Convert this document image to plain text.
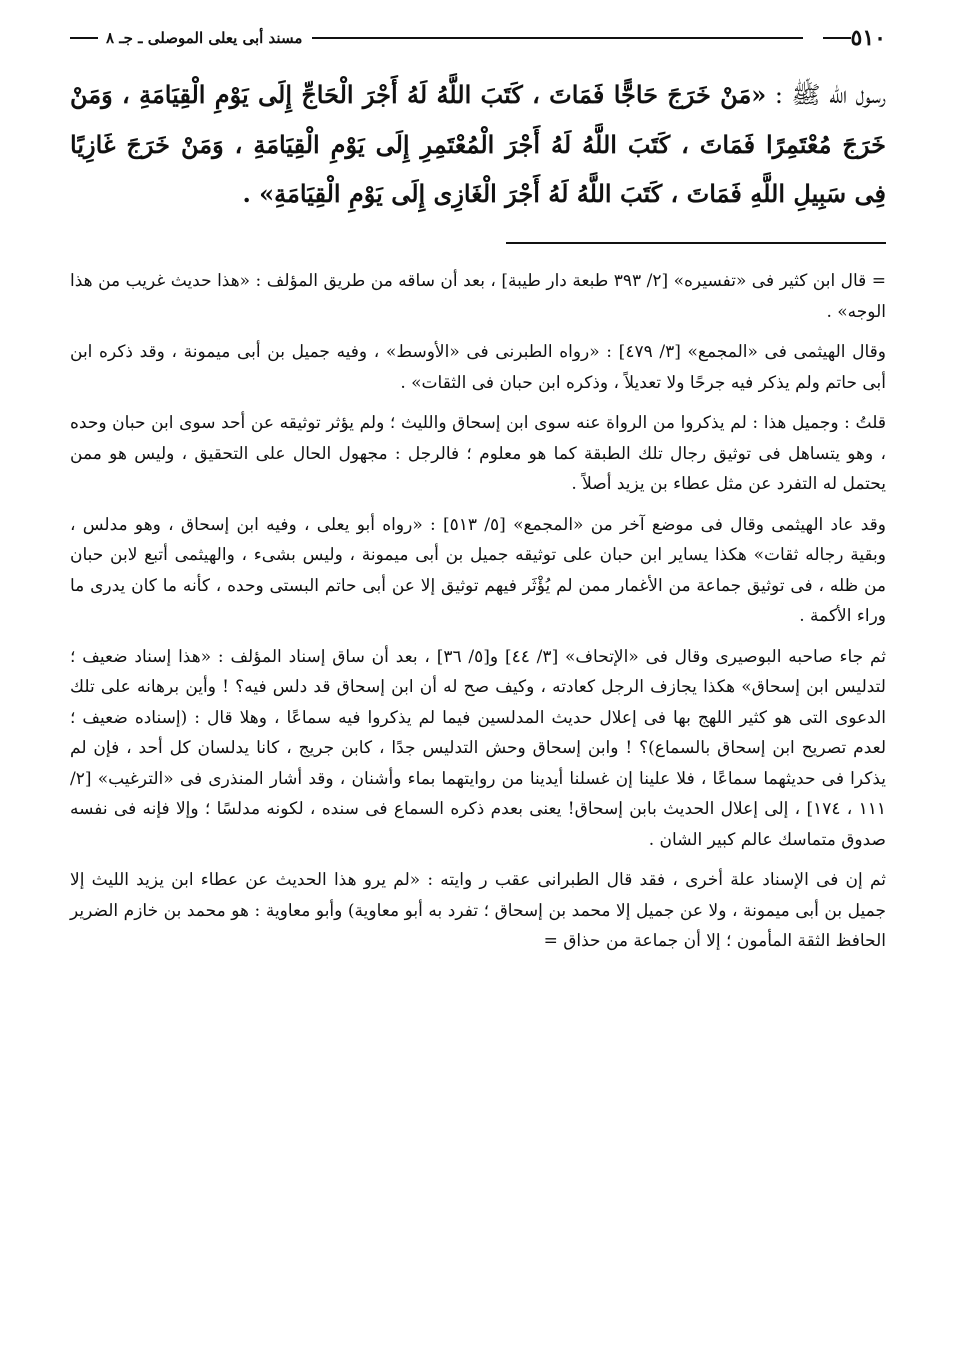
٥١٠
مسند أبى يعلى الموصلى ـ جـ ٨
رسول الله ﷺ : «مَنْ خَرَجَ حَاجًّا فَمَاتَ ، كَتَبَ اللَّهُ لَهُ أَجْرَ الْحَاجِّ إِلَى يَوْمِ الْقِيَامَةِ ، وَمَنْ خَرَجَ مُعْتَمِرًا فَمَاتَ ، كَتَبَ اللَّهُ لَهُ أَجْرَ الْمُعْتَمِرِ إِلَى يَوْمِ الْقِيَامَةِ ، وَمَنْ خَرَجَ غَازِيًا فِى سَبِيلِ اللَّهِ فَمَاتَ ، كَتَبَ اللَّهُ لَهُ أَجْرَ الْغَازِى إِلَى يَوْمِ الْقِيَامَةِ» .

= قال ابن كثير فى «تفسيره» [٢/ ٣٩٣ طبعة دار طيبة] ، بعد أن ساقه من طريق المؤلف : «هذا حديث غريب من هذا الوجه» .

وقال الهيثمى فى «المجمع» [٣/ ٤٧٩] : «رواه الطبرنى فى «الأوسط» ، وفيه جميل بن أبى ميمونة ، وقد ذكره ابن أبى حاتم ولم يذكر فيه جرحًا ولا تعديلاً ، وذكره ابن حبان فى الثقات» .

قلتُ : وجميل هذا : لم يذكروا من الرواة عنه سوى ابن إسحاق والليث ؛ ولم يؤثر توثيقه عن أحد سوى ابن حبان وحده ، وهو يتساهل فى توثيق رجال تلك الطبقة كما هو معلوم ؛ فالرجل : مجهول الحال على التحقيق ، وليس هو ممن يحتمل له التفرد عن مثل عطاء بن يزيد أصلاً .

وقد عاد الهيثمى وقال فى موضع آخر من «المجمع» [٥/ ٥١٣] : «رواه أبو يعلى ، وفيه ابن إسحاق ، وهو مدلس ، وبقية رجاله ثقات» هكذا يساير ابن حبان على توثيقه جميل بن أبى ميمونة ، وليس بشىء ، والهيثمى أتبع لابن حبان من ظله ، فى توثيق جماعة من الأغمار ممن لم يُؤْثَر فيهم توثيق إلا عن أبى حاتم البستى وحده ، كأنه ما كان يدرى ما وراء الأكمة .

ثم جاء صاحبه البوصيرى وقال فى «الإتحاف» [٣/ ٤٤] و[٥/ ٣٦] ، بعد أن ساق إسناد المؤلف : «هذا إسناد ضعيف ؛ لتدليس ابن إسحاق» هكذا يجازف الرجل كعادته ، وكيف صح له أن ابن إسحاق قد دلس فيه؟ ! وأين برهانه على تلك الدعوى التى هو كثير اللهج بها فى إعلال حديث المدلسين فيما لم يذكروا فيه سماعًا ، وهلا قال : (إسناده ضعيف ؛ لعدم تصريح ابن إسحاق بالسماع)؟ ! وابن إسحاق وحش التدليس جدًا ، كابن جريج ، كانا يدلسان كل أحد ، فإن لم يذكرا فى حديثهما سماعًا ، فلا علينا إن غسلنا أيدينا من روايتهما بماء وأشنان ، وقد أشار المنذرى فى «الترغيب» [٢/ ١١١ ، ١٧٤] ، إلى إعلال الحديث بابن إسحاق! يعنى بعدم ذكره السماع فى سنده ، لكونه مدلسًا ؛ وإلا فإنه فى نفسه صدوق متماسك عالم كبير الشان .

ثم إن فى الإسناد علة أخرى ، فقد قال الطبرانى عقب ر وايته : «لم يرو هذا الحديث عن عطاء ابن يزيد الليث إلا جميل بن أبى ميمونة ، ولا عن جميل إلا محمد بن إسحاق ؛ تفرد به أبو معاوية) وأبو معاوية : هو محمد بن خازم الضرير الحافظ الثقة المأمون ؛ إلا أن جماعة من حذاق =
